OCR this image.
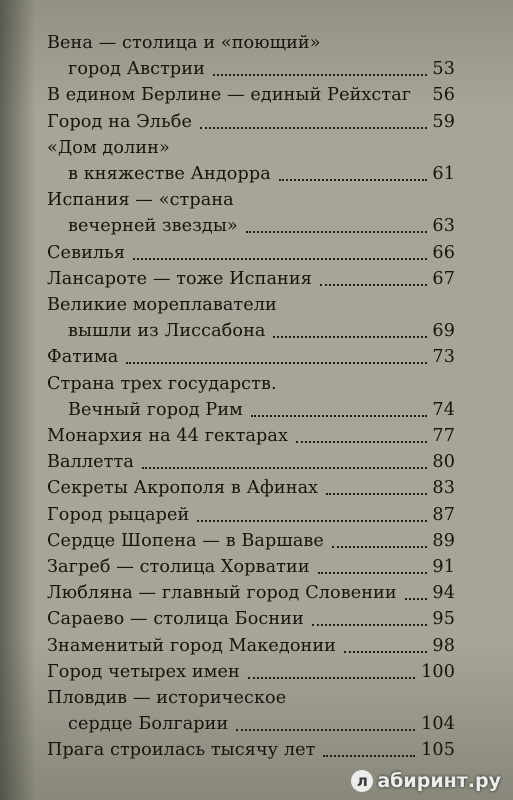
Вена — столица и «поющий»
город Австрии	53
В едином Берлине — единый Рейхстаг	56
Город на Эльбе	59
«Дом долин»
в княжестве Андорра	61
Испания — «страна
вечерней звезды»	63
Севилья	66
Лансароте — тоже Испания	67
Великие мореплаватели
вышли из Лиссабона	69
Фатима	73
Страна трех государств.
Вечный город Рим	74
Монархия на 44 гектарах	77
Валлетта	80
Секреты Акрополя в Афинах	83
Город рыцарей	87
Сердце Шопена — в Варшаве	89
Загреб — столица Хорватии	91
Любляна — главный город Словении	94
Сараево — столица Боснии	95
Знаменитый город Македонии	98
Город четырех имен	100
Пловдив — историческое
сердце Болгарии	104
Прага строилась тысячу лет	105
л абиринт.ру
